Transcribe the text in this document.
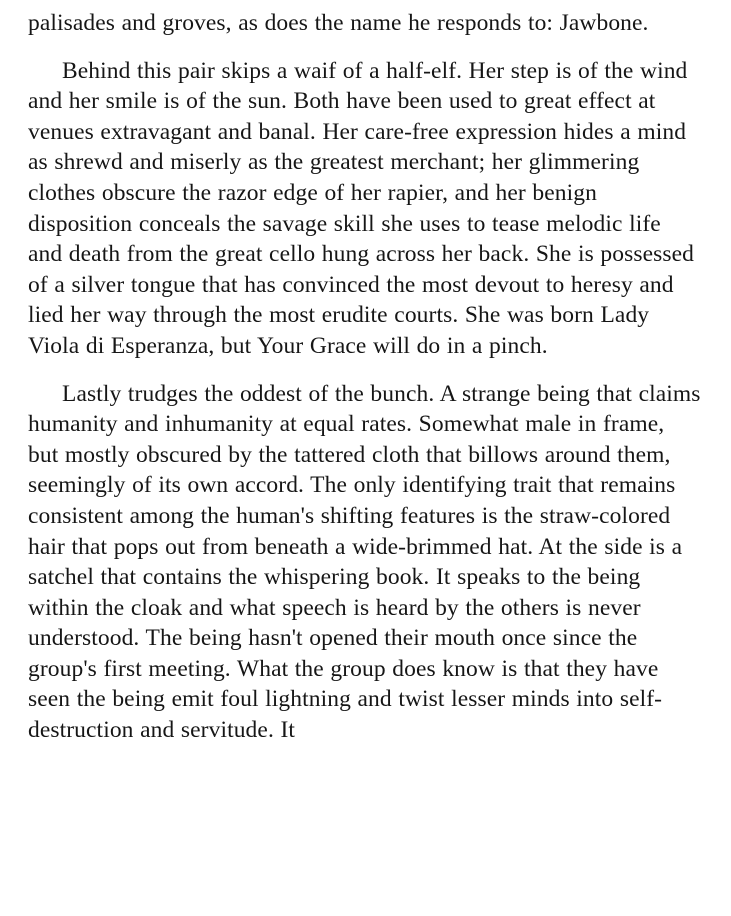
palisades and groves, as does the name he responds to: Jawbone.

Behind this pair skips a waif of a half-elf. Her step is of the wind and her smile is of the sun. Both have been used to great effect at venues extravagant and banal. Her care-free expression hides a mind as shrewd and miserly as the greatest merchant; her glimmering clothes obscure the razor edge of her rapier, and her benign disposition conceals the savage skill she uses to tease melodic life and death from the great cello hung across her back. She is possessed of a silver tongue that has convinced the most devout to heresy and lied her way through the most erudite courts. She was born Lady Viola di Esperanza, but Your Grace will do in a pinch.

Lastly trudges the oddest of the bunch. A strange being that claims humanity and inhumanity at equal rates. Somewhat male in frame, but mostly obscured by the tattered cloth that billows around them, seemingly of its own accord. The only identifying trait that remains consistent among the human's shifting features is the straw-colored hair that pops out from beneath a wide-brimmed hat. At the side is a satchel that contains the whispering book. It speaks to the being within the cloak and what speech is heard by the others is never understood. The being hasn't opened their mouth once since the group's first meeting. What the group does know is that they have seen the being emit foul lightning and twist lesser minds into self-destruction and servitude. It
